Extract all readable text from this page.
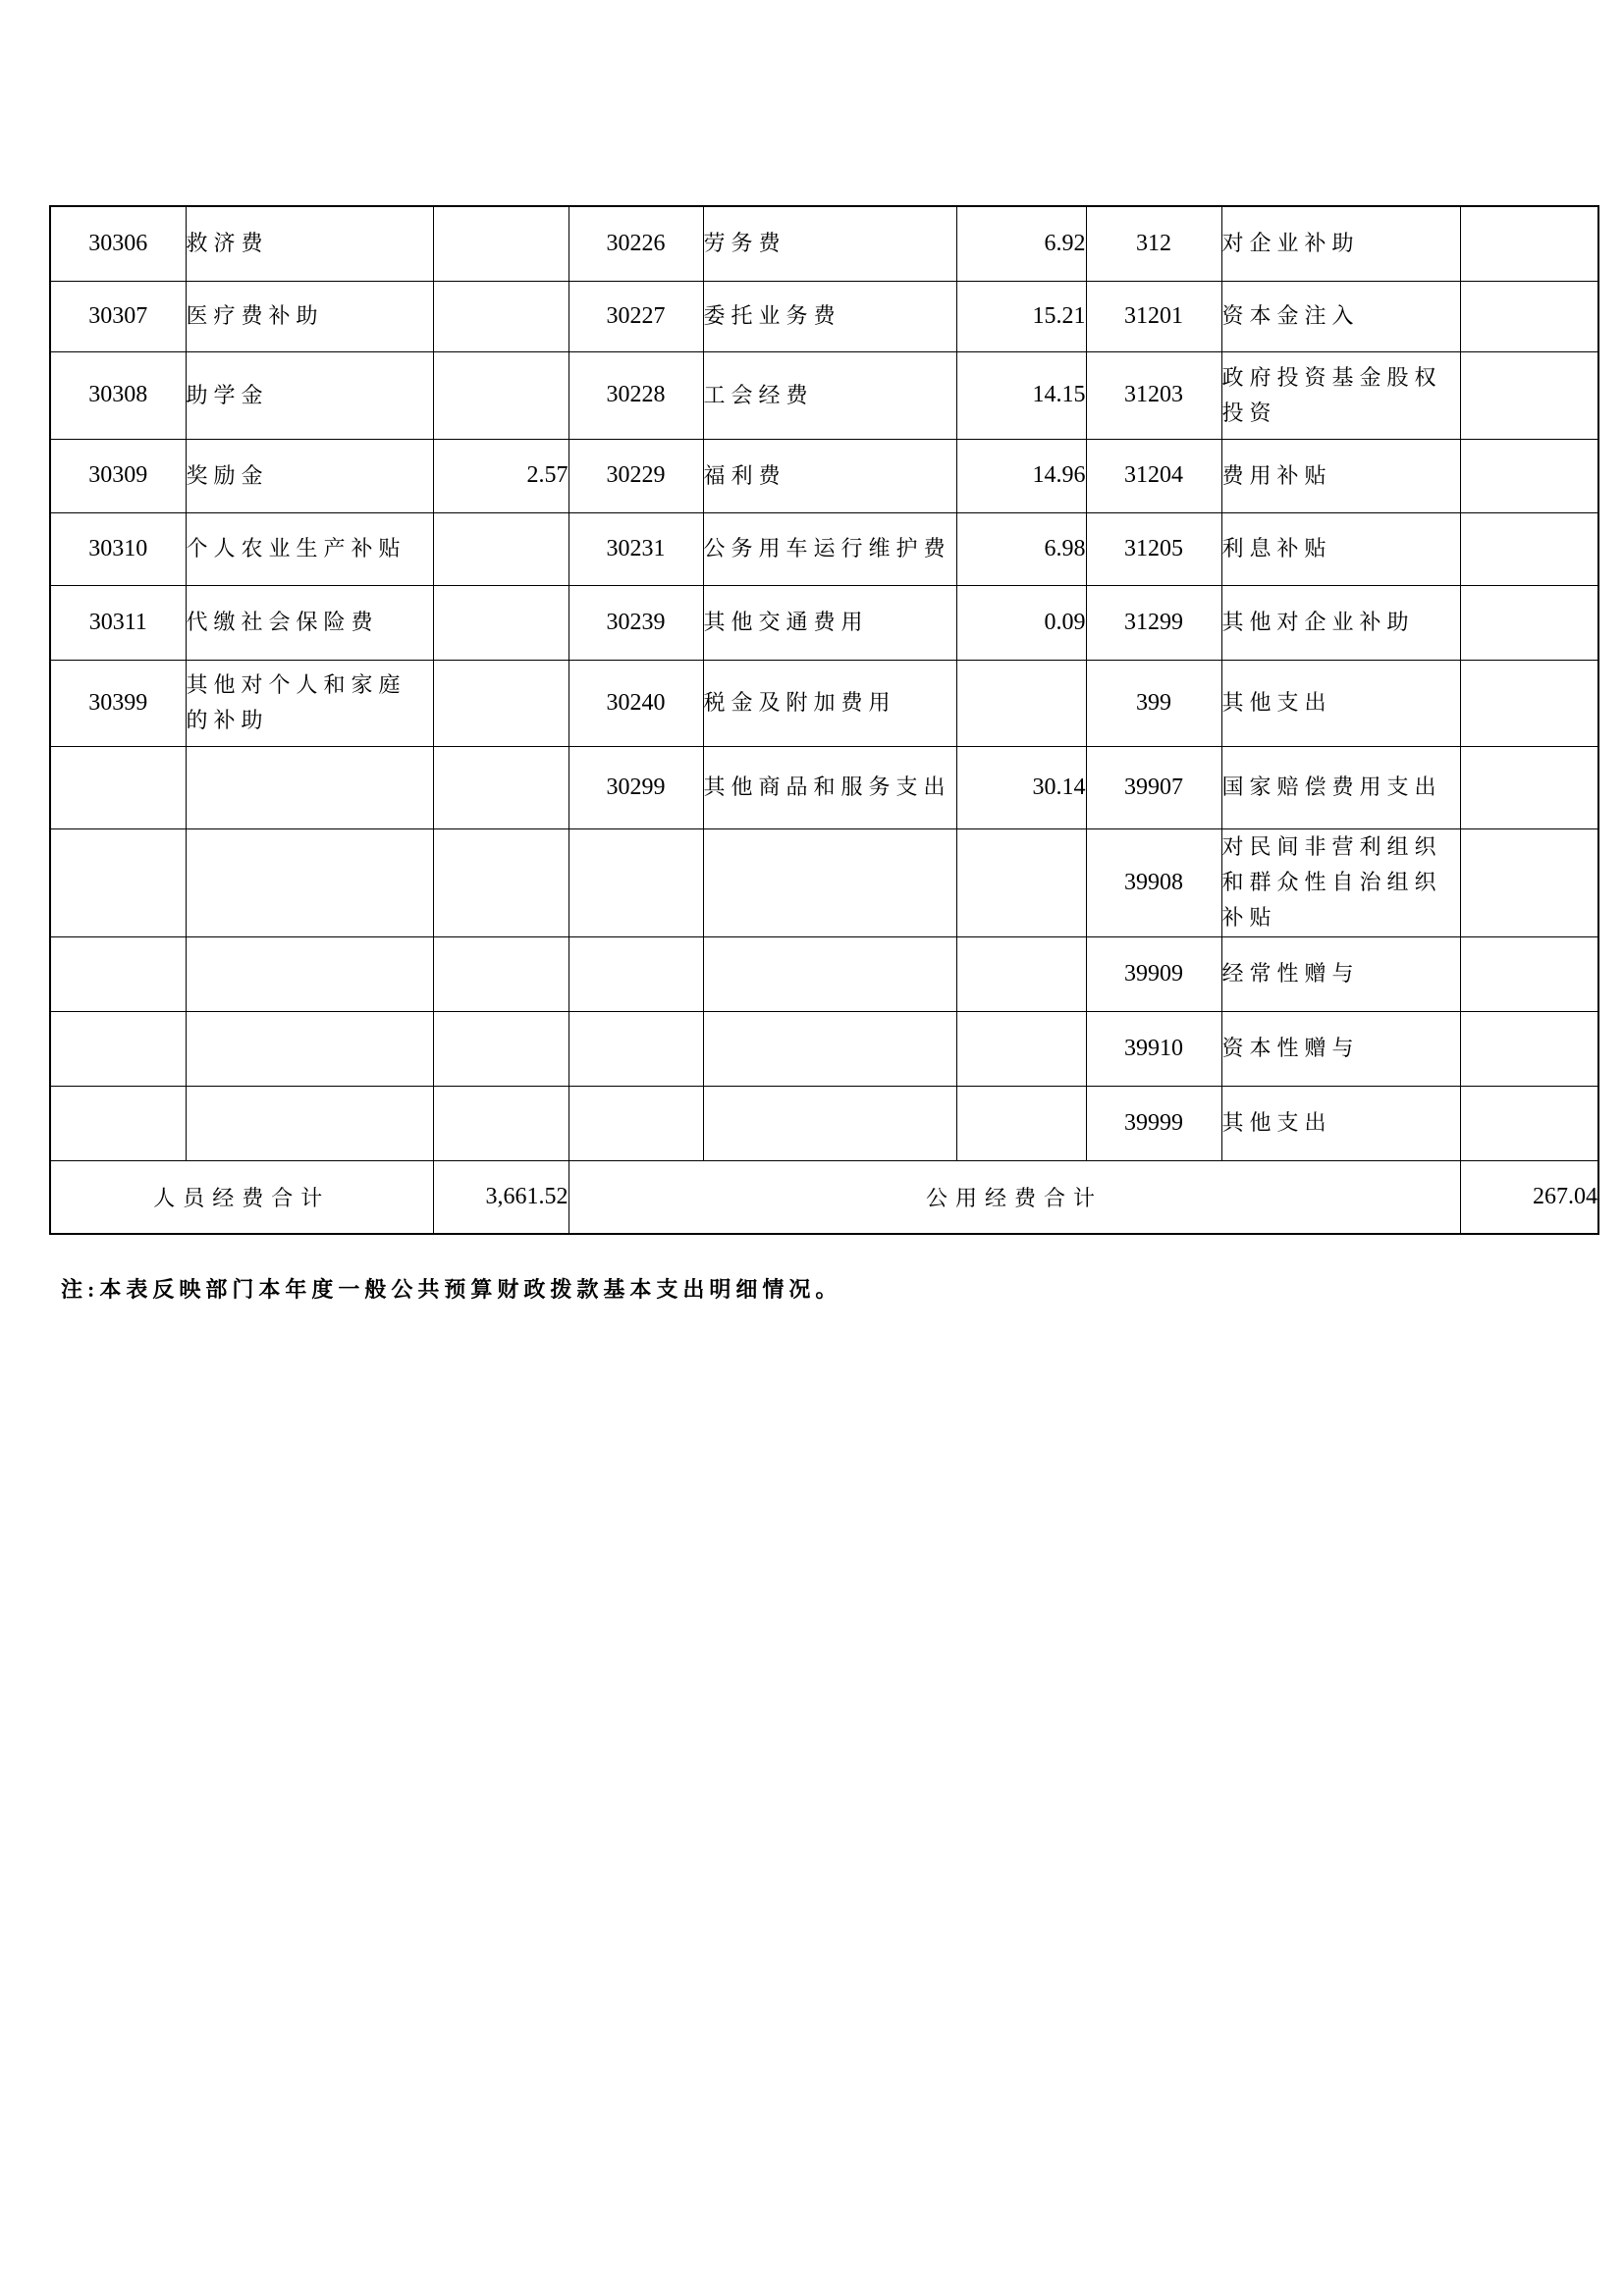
30306	救济费		30226	劳务费	6.92	312	对企业补助	
30307	医疗费补助		30227	委托业务费	15.21	31201	资本金注入	
30308	助学金		30228	工会经费	14.15	31203	政府投资基金股权投资	
30309	奖励金	2.57	30229	福利费	14.96	31204	费用补贴	
30310	个人农业生产补贴		30231	公务用车运行维护费	6.98	31205	利息补贴	
30311	代缴社会保险费		30239	其他交通费用	0.09	31299	其他对企业补助	
30399	其他对个人和家庭的补助		30240	税金及附加费用		399	其他支出	
			30299	其他商品和服务支出	30.14	39907	国家赔偿费用支出	
						39908	对民间非营利组织和群众性自治组织补贴	
						39909	经常性赠与	
						39910	资本性赠与	
						39999	其他支出	
人员经费合计		3,661.52	公用经费合计					267.04
注:本表反映部门本年度一般公共预算财政拨款基本支出明细情况。
